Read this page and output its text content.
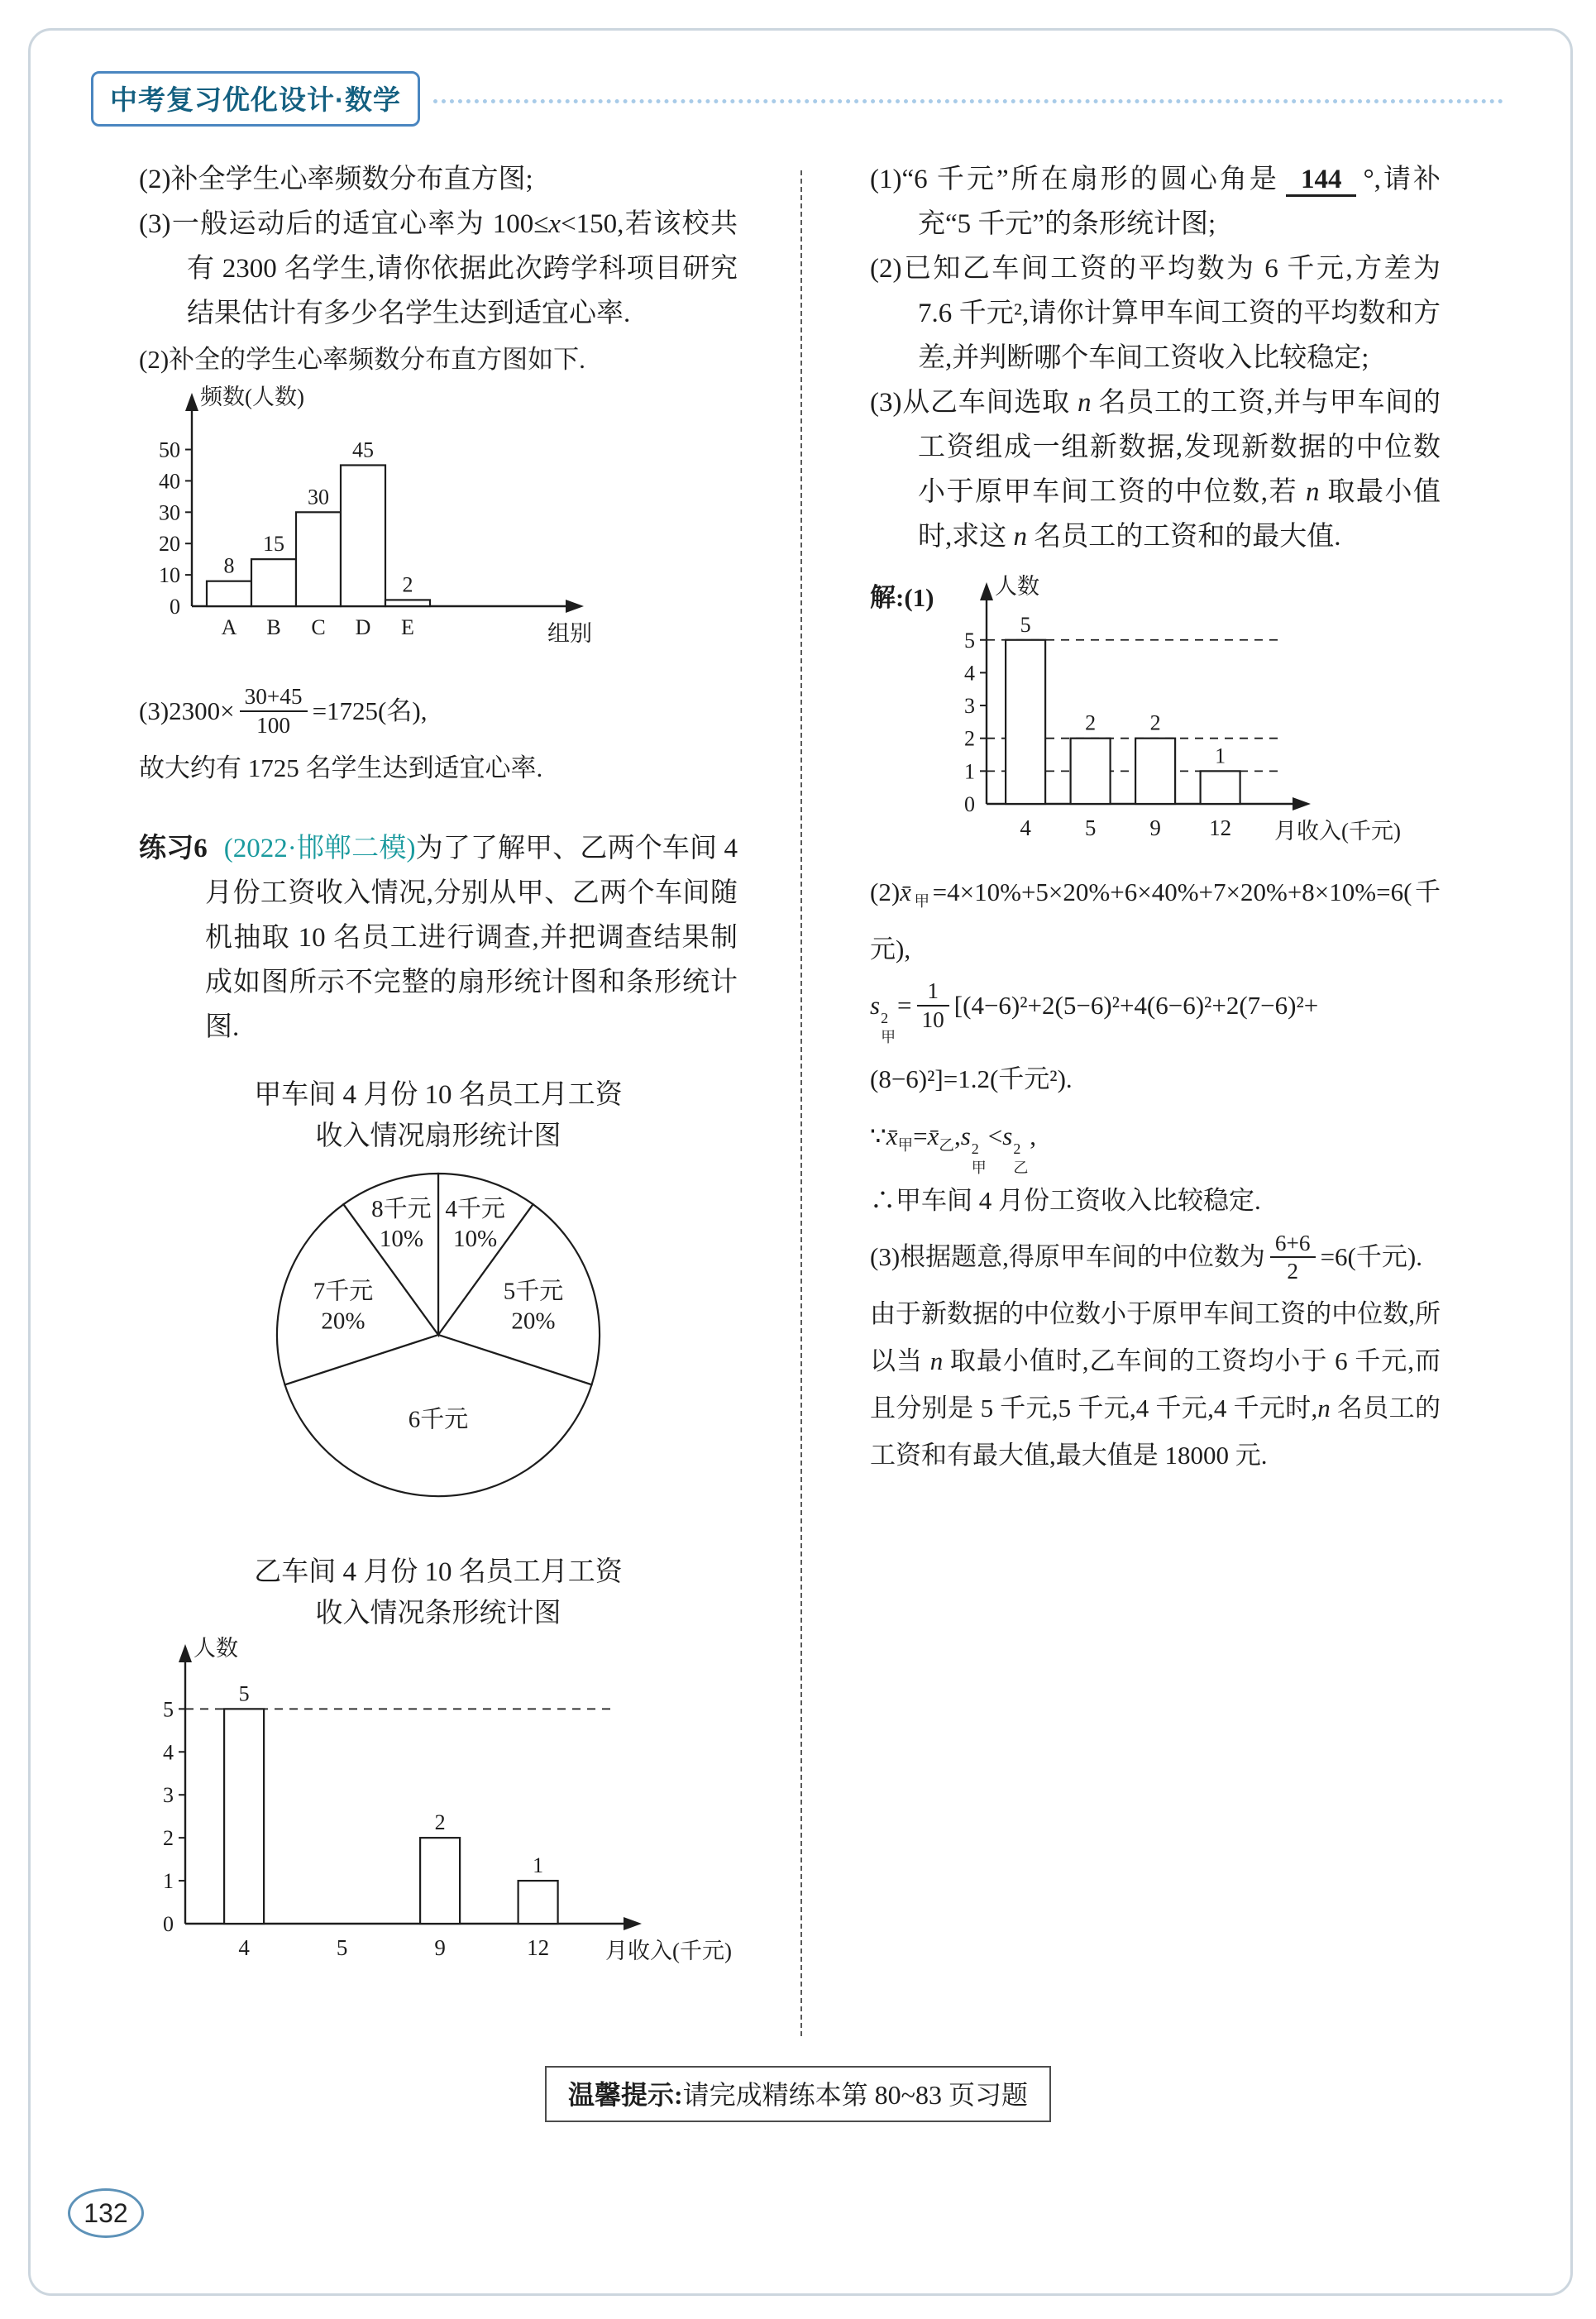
中考复习优化设计·数学

(2)补全学生心率频数分布直方图;

(3)一般运动后的适宜心率为 100≤x<150,若该校共有 2300 名学生,请你依据此次跨学科项目研究结果估计有多少名学生达到适宜心率.

(2)补全的学生心率频数分布直方图如下.

0
10
20
30
40
50
8
A
15
B
30
C
45
D
2
E
频数(人数)
组别

$(3)2300\times \frac{30+45}{100} =1725$(名),

故大约有 1725 名学生达到适宜心率.

练习6 (2022·邯郸二模)为了了解甲、乙两个车间 4 月份工资收入情况,分别从甲、乙两个车间随机抽取 10 名员工进行调查,并把调查结果制成如图所示不完整的扇形统计图和条形统计图.

甲车间 4 月份 10 名员工月工资
收入情况扇形统计图
4千元 10%
5千元 20%
6千元
7千元 20%
8千元 10%
乙车间 4 月份 10 名员工月工资
收入情况条形统计图
0
1
2
3
4
5
4
5
5	9
2
12
1
人数
月收入(千元)

(1)“6 千元”所在扇形的圆心角是 144 °,请补充“5 千元”的条形统计图;

(2)已知乙车间工资的平均数为 6 千元,方差为 7.6 千元²,请你计算甲车间工资的平均数和方差,并判断哪个车间工资收入比较稳定;

(3)从乙车间选取 n 名员工的工资,并与甲车间的工资组成一组新数据,发现新数据的中位数小于原甲车间工资的中位数,若 n 取最小值时,求这 n 名员工的工资和的最大值.

解:(1)
0
1
2
3
4
5
4
5
5
2
9
2
12
1
人数
月收入(千元)

$(2)x̄_甲=4\times 10\%+5\times 20\%+6\times 40\%+7\times 20\%+8\times 10\%=6$(千元),

s 2
甲
= $\frac{1}{10} [(4-6)^2+2(5-6)^2+4(6-6)^2+2(7-6)^2+(8-6)^2]=1.2$(千元²).

$\because x̄_甲=x̄_乙,s$ 2
甲
<s 2
乙
,

∴甲车间 4 月份工资收入比较稳定.

(3)根据题意,得原甲车间的中位数为 $\frac{6+6}{2} =6$(千元).

由于新数据的中位数小于原甲车间工资的中位数,所以当 n 取最小值时,乙车间的工资均小于 6 千元,而且分别是 5 千元,5 千元,4 千元,4 千元时,n 名员工的工资和有最大值,最大值是 18000 元.

温馨提示:请完成精练本第 80~83 页习题
132
